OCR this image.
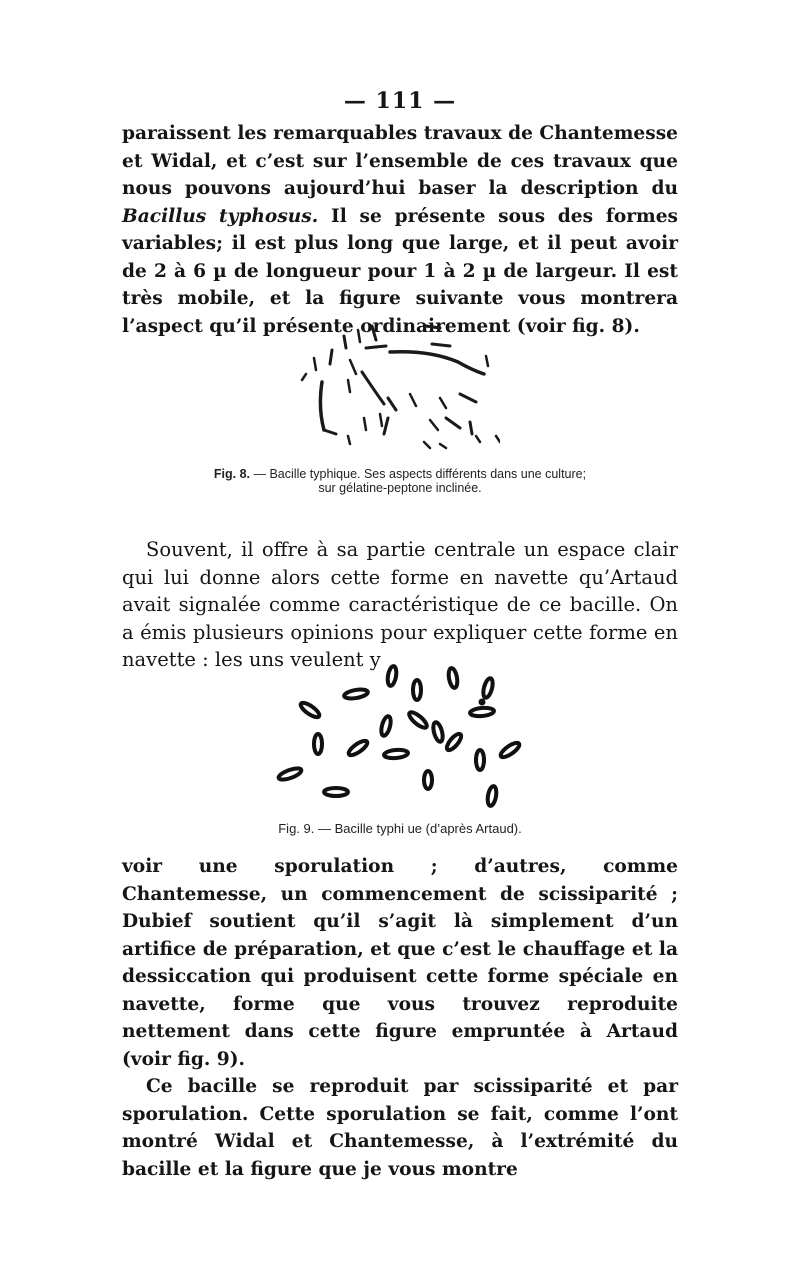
— 111 —

paraissent les remarquables travaux de Chantemesse et Widal, et c’est sur l’ensemble de ces travaux que nous pouvons aujourd’hui baser la description du Bacillus typhosus. Il se présente sous des formes variables; il est plus long que large, et il peut avoir de 2 à 6 µ de longueur pour 1 à 2 µ de largeur. Il est très mobile, et la figure suivante vous montrera l’aspect qu’il présente ordinairement (voir fig. 8).

Fig. 8. — Bacille typhique. Ses aspects différents dans une culture;
sur gélatine-peptone inclinée.

Souvent, il offre à sa partie centrale un espace clair qui lui donne alors cette forme en navette qu’Artaud avait signalée comme caractéristique de ce bacille. On a émis plusieurs opinions pour expliquer cette forme en navette : les uns veulent y

Fig. 9. — Bacille typhi ue (d’après Artaud).

voir une sporulation ; d’autres, comme Chantemesse, un commencement de scissiparité ; Dubief soutient qu’il s’agit là simplement d’un artifice de préparation, et que c’est le chauffage et la dessiccation qui produisent cette forme spéciale en navette, forme que vous trouvez reproduite nettement dans cette figure empruntée à Artaud (voir fig. 9).

Ce bacille se reproduit par scissiparité et par sporulation. Cette sporulation se fait, comme l’ont montré Widal et Chantemesse, à l’extrémité du bacille et la figure que je vous montre
